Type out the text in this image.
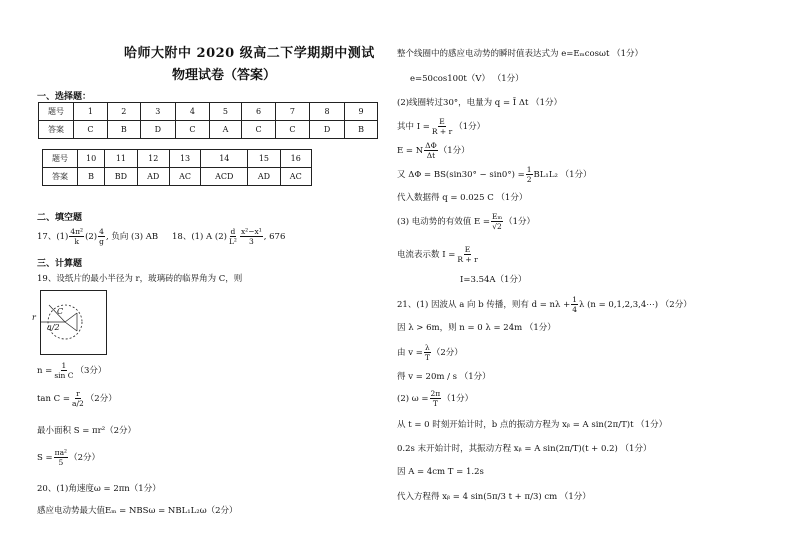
哈师大附中 2020 级高二下学期期中测试
物理试卷（答案）
一、选择题：
题号	1	2	3	4	5	6	7	8	9
答案	C	B	D	C	A	C	C	D	B
题号	10	11	12	13	14	15	16
答案	B	BD	AD	AC	ACD	AD	AC
二、填空题
17、$(1) \frac{\text{4π²}}{k} (2) \frac{4}{g}$ , 负向 (3) AB 18、(1) A $(2) \frac{d}{\text{L²}} \frac{\text{x²−x¹}}{3}$ , 676
三、计算题
19、设纸片的最小半径为 r，玻璃砖的临界角为 C，则
C
a/2
r
$n = \frac{1}{\text{sin C}} (3$分）
$\tan C = \frac{r}{a/2} (2$分）
最小面积 S = πr²（2分）
$S = \frac{\text{πa²}}{5} (2$分）
20、(1)角速度ω = 2πn（1分）
感应电动势最大值Eₘ = NBSω = NBL₁L₂ω（2分）
整个线圈中的感应电动势的瞬时值表达式为 e=Eₘcosωt （1分）
e=50cos100t（V） （1分）
(2)线圈转过30°，电量为 q = Ī Δt （1分）
其中 $I = \frac{E}{R + r} (1$分）
E = N $\frac{\Delta\Phi}{\Delta t} (1$分）
又 $\Delta\Phi = BS(\sin 30^\circ - \sin 0^\circ) = \frac{1}{2} BL_1L_2$ （1分）
代入数据得 q = 0.025 C （1分）
(3) 电动势的有效值 $E = \frac{\text{Eₘ}}{√2} (1$分）
电流表示数 $I = \frac{E}{R + r}$
I=3.54A（1分）
21、(1) 因波从 a 向 b 传播，则有 $d = n\lambda + \frac{1}{4}$ λ (n = 0,1,2,3,4⋯) （2分）
因 λ > 6m，则 n = 0 λ = 24m （1分）
由 $v = \frac{\lambda}{T} (2$分）
得 v = 20m / s （1分）
(2) $\omega = \frac{2\pi}{T} (1$分）
从 t = 0 时刻开始计时，b 点的振动方程为 xᵦ = A sin(2π/T)t （1分）
0.2s 末开始计时，其振动方程 xᵦ = A sin(2π/T)(t + 0.2) （1分）
因 A = 4cm T = 1.2s
代入方程得 xᵦ = 4 sin(5π/3 t + π/3) cm （1分）
